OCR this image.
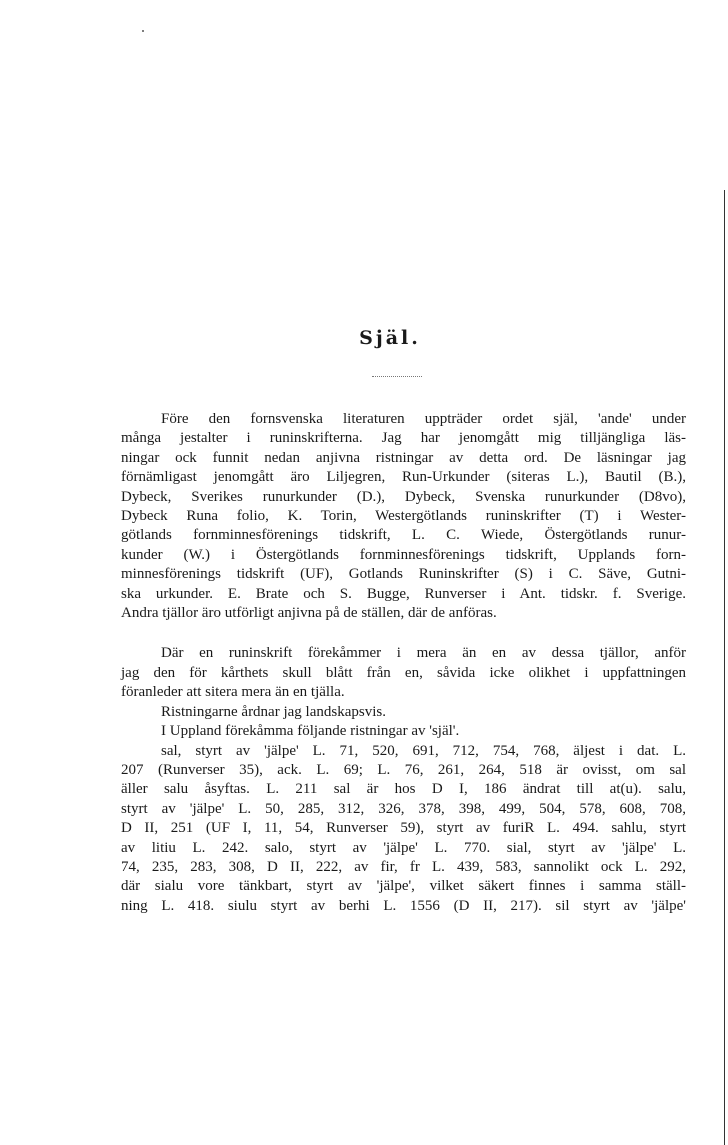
Själ.

Före den fornsvenska literaturen uppträder ordet själ, 'ande' under

många jestalter i runinskrifterna. Jag har jenomgått mig tilljängliga läs-

ningar ock funnit nedan anjivna ristningar av detta ord. De läsningar jag

förnämligast jenomgått äro Liljegren, Run-Urkunder (siteras L.), Bautil (B.),

Dybeck, Sverikes runurkunder (D.), Dybeck, Svenska runurkunder (D8vo),

Dybeck Runa folio, K. Torin, Westergötlands runinskrifter (T) i Wester-

götlands fornminnesförenings tidskrift, L. C. Wiede, Östergötlands runur-

kunder (W.) i Östergötlands fornminnesförenings tidskrift, Upplands forn-

minnesförenings tidskrift (UF), Gotlands Runinskrifter (S) i C. Säve, Gutni-

ska urkunder. E. Brate och S. Bugge, Runverser i Ant. tidskr. f. Sverige.

Andra tjällor äro utförligt anjivna på de ställen, där de anföras.

Där en runinskrift förekåmmer i mera än en av dessa tjällor, anför

jag den för kårthets skull blått från en, såvida icke olikhet i uppfattningen

föranleder att sitera mera än en tjälla.

Ristningarne årdnar jag landskapsvis.

I Uppland förekåmma följande ristningar av 'själ'.

sal, styrt av 'jälpe' L. 71, 520, 691, 712, 754, 768, äljest i dat. L.

207 (Runverser 35), ack. L. 69; L. 76, 261, 264, 518 är ovisst, om sal

äller salu åsyftas. L. 211 sal är hos D I, 186 ändrat till at(u). salu,

styrt av 'jälpe' L. 50, 285, 312, 326, 378, 398, 499, 504, 578, 608, 708,

D II, 251 (UF I, 11, 54, Runverser 59), styrt av furiR L. 494. sahlu, styrt

av litiu L. 242. salo, styrt av 'jälpe' L. 770. sial, styrt av 'jälpe' L.

74, 235, 283, 308, D II, 222, av fir, fr L. 439, 583, sannolikt ock L. 292,

där sialu vore tänkbart, styrt av 'jälpe', vilket säkert finnes i samma ställ-

ning L. 418. siulu styrt av berhi L. 1556 (D II, 217). sil styrt av 'jälpe'
